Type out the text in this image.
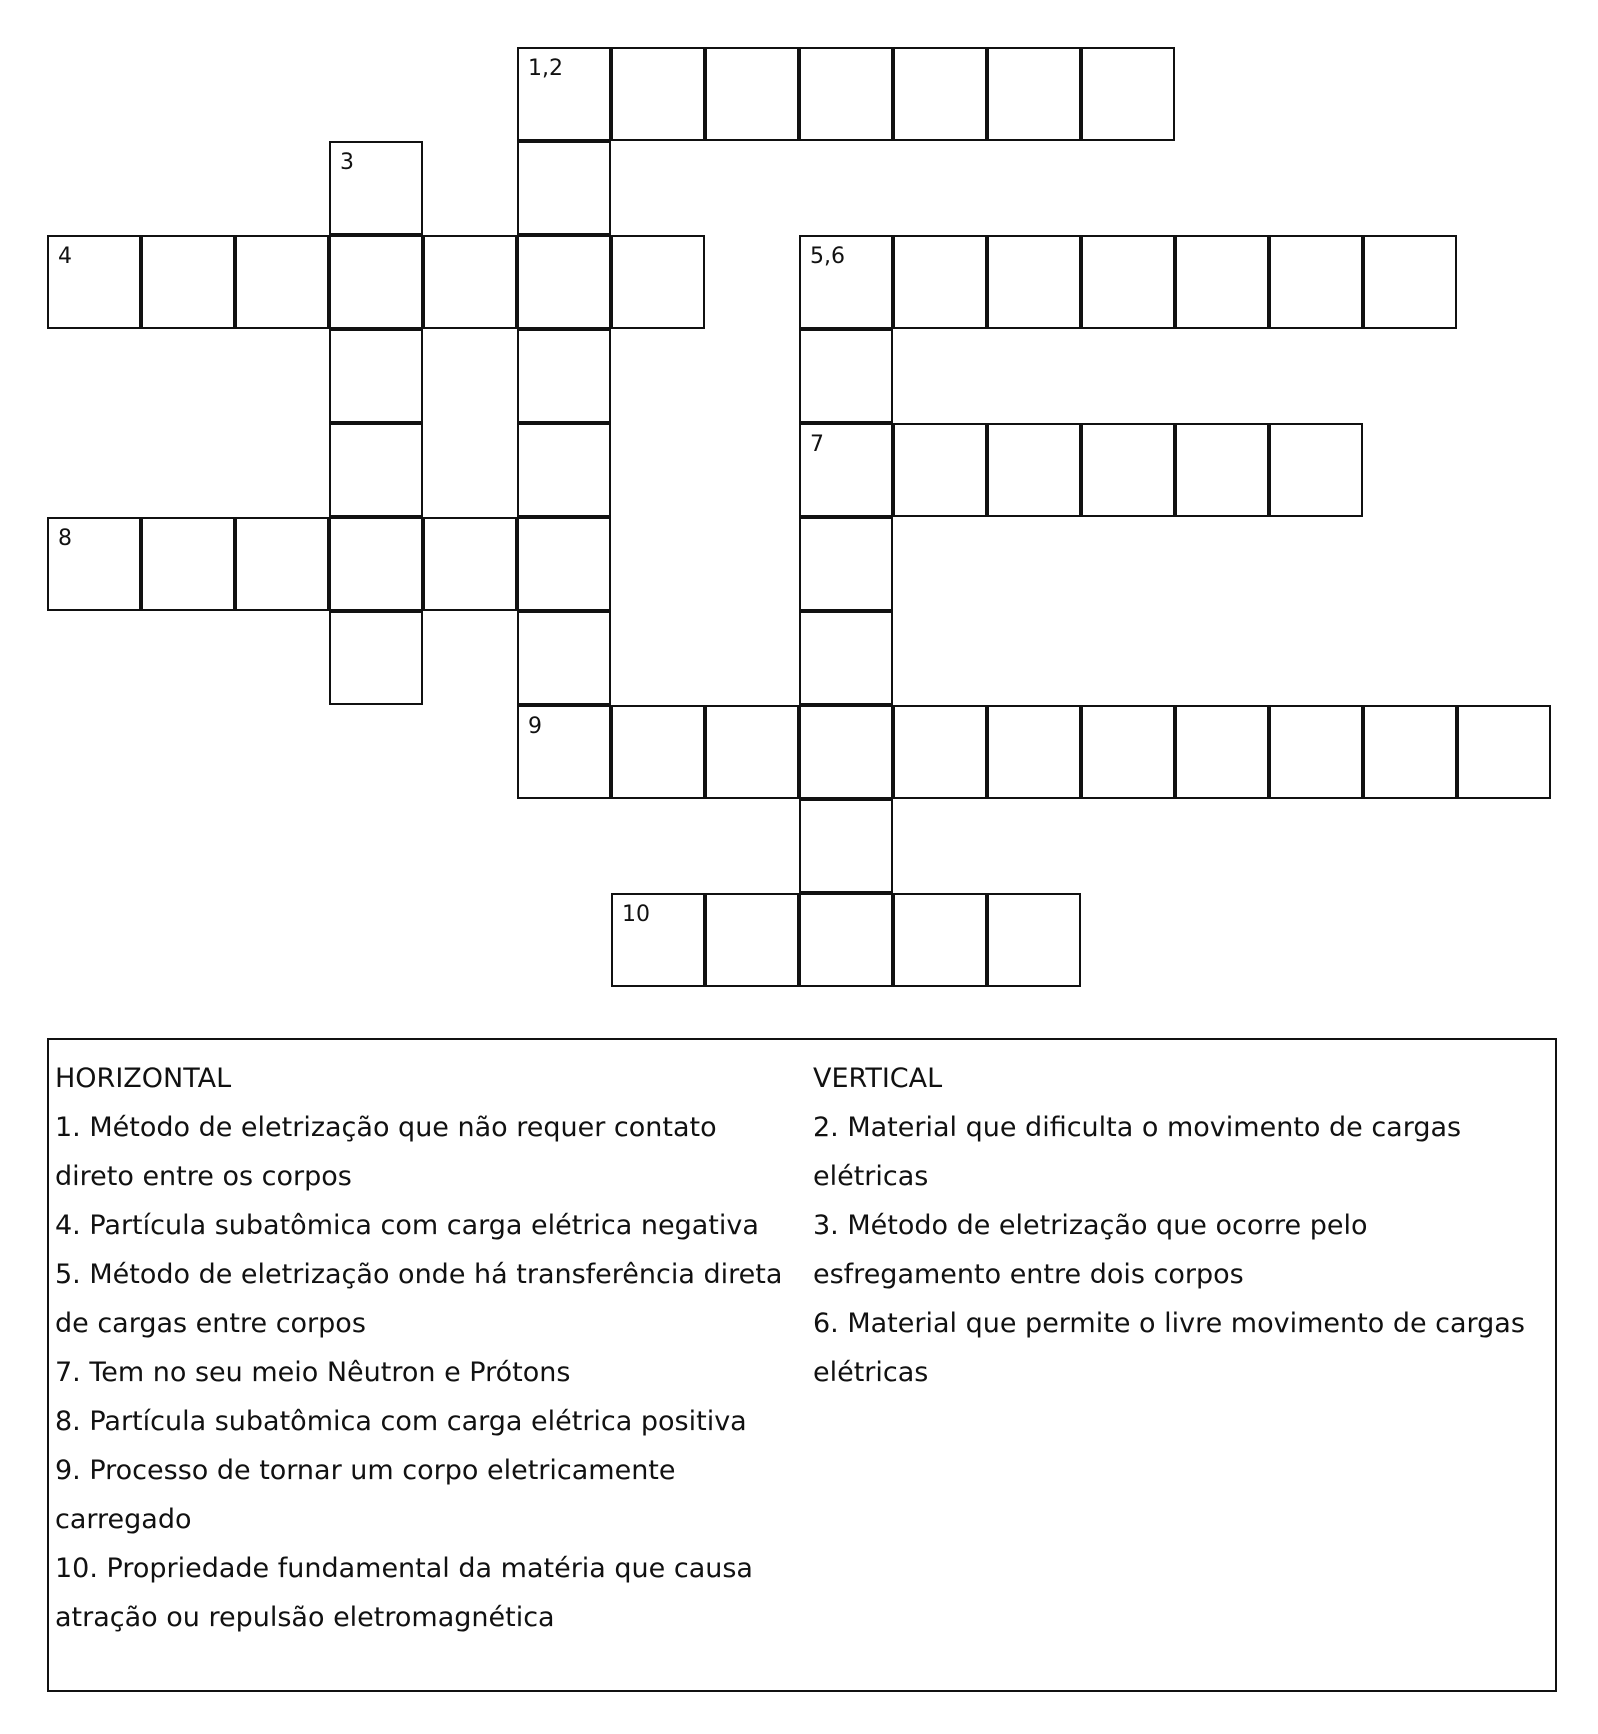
1,2
3
4	5,6
7
8
9
10
HORIZONTAL
1. Método de eletrização que não requer contato direto entre os corpos
4. Partícula subatômica com carga elétrica negativa
5. Método de eletrização onde há transferência direta de cargas entre corpos
7. Tem no seu meio Nêutron e Prótons
8. Partícula subatômica com carga elétrica positiva
9. Processo de tornar um corpo eletricamente carregado
10. Propriedade fundamental da matéria que causa atração ou repulsão eletromagnética
VERTICAL
2. Material que dificulta o movimento de cargas elétricas
3. Método de eletrização que ocorre pelo esfregamento entre dois corpos
6. Material que permite o livre movimento de cargas elétricas
